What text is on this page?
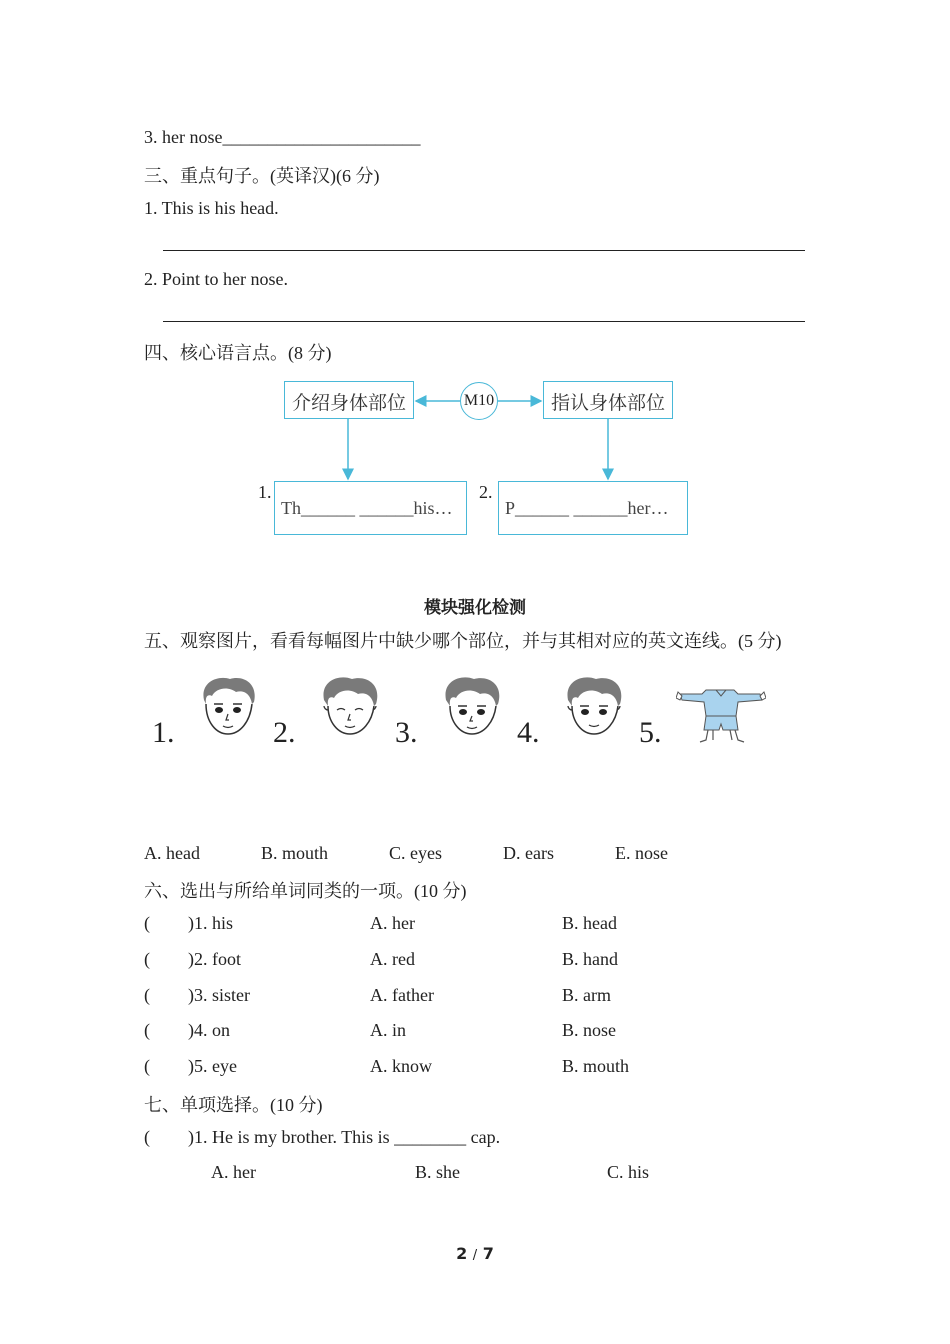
3. her nose______________________
三、重点句子。(英译汉)(6 分)
1. This is his head.
2. Point to her nose.
四、核心语言点。(8 分)
介绍身体部位	M10	指认身体部位
1.
Th______ ______his…
2.
P______ ______her…
模块强化检测
五、观察图片，看看每幅图片中缺少哪个部位，并与其相对应的英文连线。(5 分)
1.	2.	3.	4.	5.
A. head	B. mouth	C. eyes	D. ears	E. nose
六、选出与所给单词同类的一项。(10 分)
( )1. his	A. her	B. head
( )2. foot	A. red	B. hand
( )3. sister	A. father	B. arm
( )4. on	A. in	B. nose
( )5. eye	A. know	B. mouth
七、单项选择。(10 分)
( )1. He is my brother. This is ________ cap.
A. her	B. she	C. his
2 / 7
